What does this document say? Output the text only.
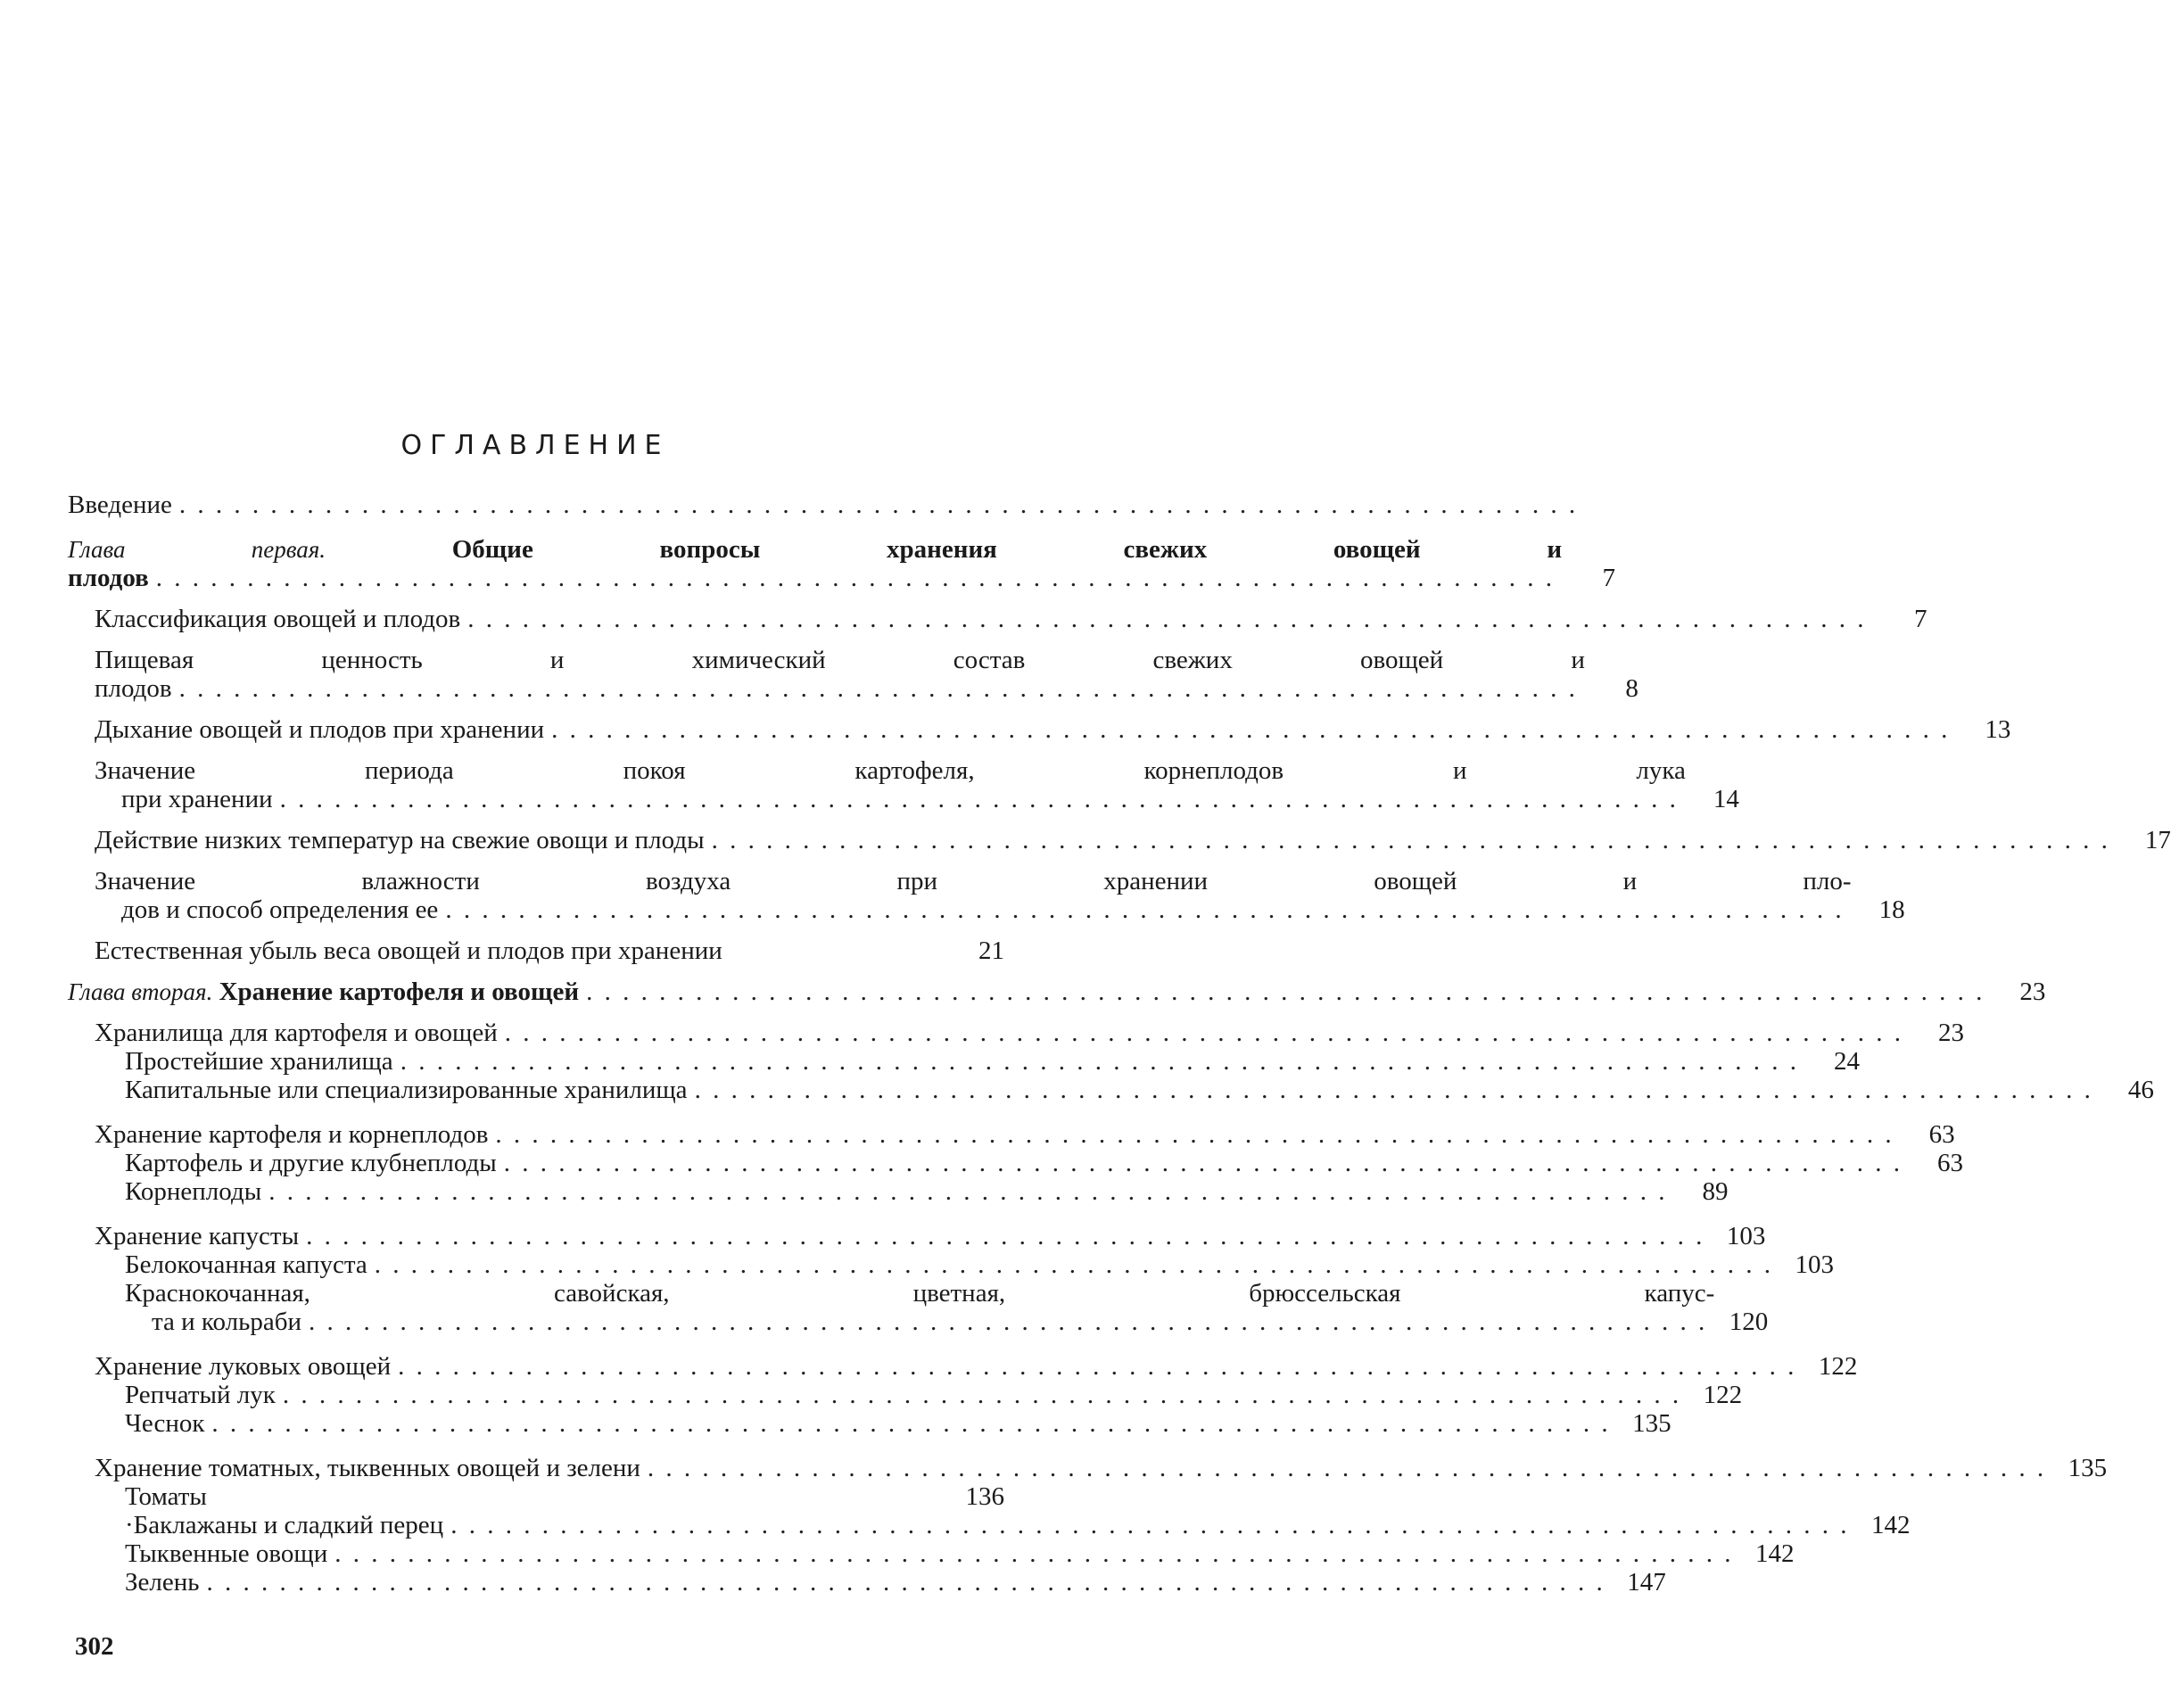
ОГЛАВЛЕНИЕ
Введение
. . .
Глава первая.	Общие вопросы хранения свежих овощей и
плодов . . .	7
Классификация овощей и плодов . . .	7
Пищевая ценность и химический состав свежих овощей и
плодов . . .	8
Дыхание овощей и плодов при хранении . . .	13
Значение периода покоя картофеля, корнеплодов и лука
при хранении . . .	14
Действие низких температур на свежие овощи и плоды . . .	17
Значение влажности воздуха при хранении овощей и пло-
дов и способ определения ее . . .	18
Естественная убыль веса овощей и плодов при хранении	21
Глава вторая. Хранение картофеля и овощей . . .	23
Хранилища для картофеля и овощей . . .	23
Простейшие хранилища . . .	24
Капитальные или специализированные хранилища . . .	46
Хранение картофеля и корнеплодов . . .	63
Картофель и другие клубнеплоды . . .	63
Корнеплоды . . .	89
Хранение капусты . . .	103
Белокочанная капуста . . .	103
Краснокочанная, савойская, цветная, брюссельская капус-
та и кольраби . . .	120
Хранение луковых овощей . . .	122
Репчатый лук . . .	122
Чеснок . . .	135
Хранение томатных, тыквенных овощей и зелени . . .	135
Томаты	136
·Баклажаны и сладкий перец . . .	142
Тыквенные овощи . . .	142
Зелень . . .	147
302
